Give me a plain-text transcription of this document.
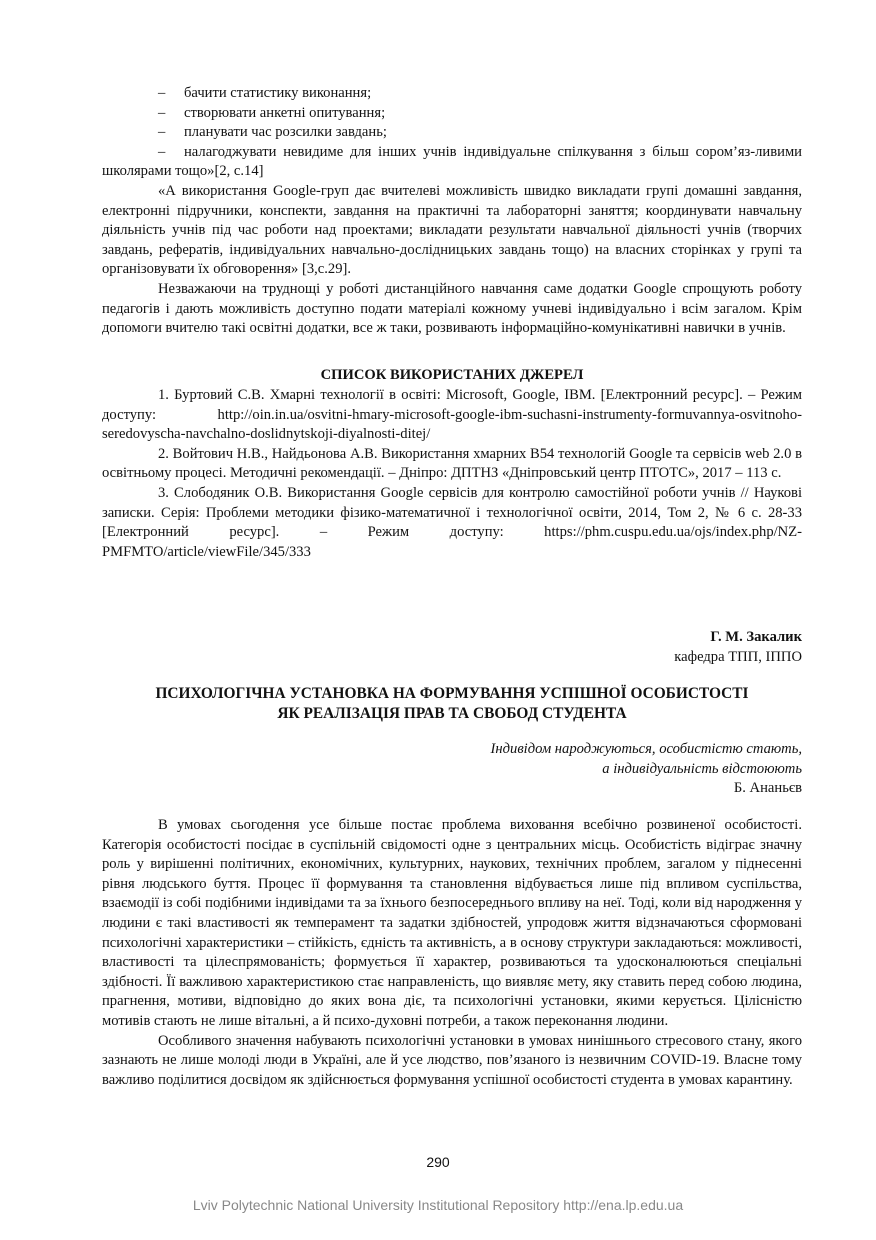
– бачити статистику виконання;

– створювати анкетні опитування;

– планувати час розсилки завдань;

– налагоджувати невидиме для інших учнів індивідуальне спілкування з більш сором’яз-ливими школярами тощо»[2, с.14]

«А використання Google-груп дає вчителеві можливість швидко викладати групі домашні завдання, електронні підручники, конспекти, завдання на практичні та лабораторні заняття; координувати навчальну діяльність учнів під час роботи над проектами; викладати результати навчальної діяльності учнів (творчих завдань, рефератів, індивідуальних навчально-дослідницьких завдань тощо) на власних сторінках у групі та організовувати їх обговорення» [3,с.29].

Незважаючи на труднощі у роботі дистанційного навчання саме додатки Google спрощують роботу педагогів і дають можливість доступно подати матеріалі кожному учневі індивідуально і всім загалом. Крім допомоги вчителю такі освітні додатки, все ж таки, розвивають інформаційно-комунікативні навички в учнів.

СПИСОК ВИКОРИСТАНИХ ДЖЕРЕЛ

1. Буртовий С.В. Хмарні технології в освіті: Microsoft, Google, IBM. [Електронний ресурс]. – Режим доступу: http://oin.in.ua/osvitni-hmary-microsoft-google-ibm-suchasni-instrumenty-formuvannya-osvitnoho-seredovyscha-navchalno-doslidnytskoji-diyalnosti-ditej/

2. Войтович Н.В., Найдьонова А.В. Використання хмарних В54 технологій Google та сервісів web 2.0 в освітньому процесі. Методичні рекомендації. – Дніпро: ДПТНЗ «Дніпровський центр ПТОТС», 2017 – 113 с.

3. Слободяник О.В. Використання Google сервісів для контролю самостійної роботи учнів // Наукові записки. Серія: Проблеми методики фізико-математичної і технологічної освіти, 2014, Том 2, № 6 с. 28-33 [Електронний ресурс]. – Режим доступу: https://phm.cuspu.edu.ua/ojs/index.php/NZ-PMFMTO/article/viewFile/345/333

Г. М. Закалик
кафедра ТПП, ІППО
ПСИХОЛОГІЧНА УСТАНОВКА НА ФОРМУВАННЯ УСПІШНОЇ ОСОБИСТОСТІ
ЯК РЕАЛІЗАЦІЯ ПРАВ ТА СВОБОД СТУДЕНТА
Індивідом народжуються, особистістю стають,
а індивідуальність відстоюють
Б. Ананьєв

В умовах сьогодення усе більше постає проблема виховання всебічно розвиненої особистості. Категорія особистості посідає в суспільній свідомості одне з центральних місць. Особистість відіграє значну роль у вирішенні політичних, економічних, культурних, наукових, технічних проблем, загалом у піднесенні рівня людського буття. Процес її формування та становлення відбувається лише під впливом суспільства, взаємодії із собі подібними індивідами та за їхнього безпосереднього впливу на неї. Тоді, коли від народження у людини є такі властивості як темперамент та задатки здібностей, упродовж життя відзначаються сформовані психологічні характеристики – стійкість, єдність та активність, а в основу структури закладаються: можливості, властивості та цілеспрямованість; формується її характер, розвиваються та удосконалюються спеціальні здібності. Її важливою характеристикою стає направленість, що виявляє мету, яку ставить перед собою людина, прагнення, мотиви, відповідно до яких вона діє, та психологічні установки, якими керується. Цілісністю мотивів стають не лише вітальні, а й психо-духовні потреби, а також переконання людини.

Особливого значення набувають психологічні установки в умовах нинішнього стресового стану, якого зазнають не лише молоді люди в Україні, але й усе людство, пов’язаного із незвичним COVID-19. Власне тому важливо поділитися досвідом як здійснюється формування успішної особистості студента в умовах карантину.

290
Lviv Polytechnic National University Institutional Repository http://ena.lp.edu.ua
